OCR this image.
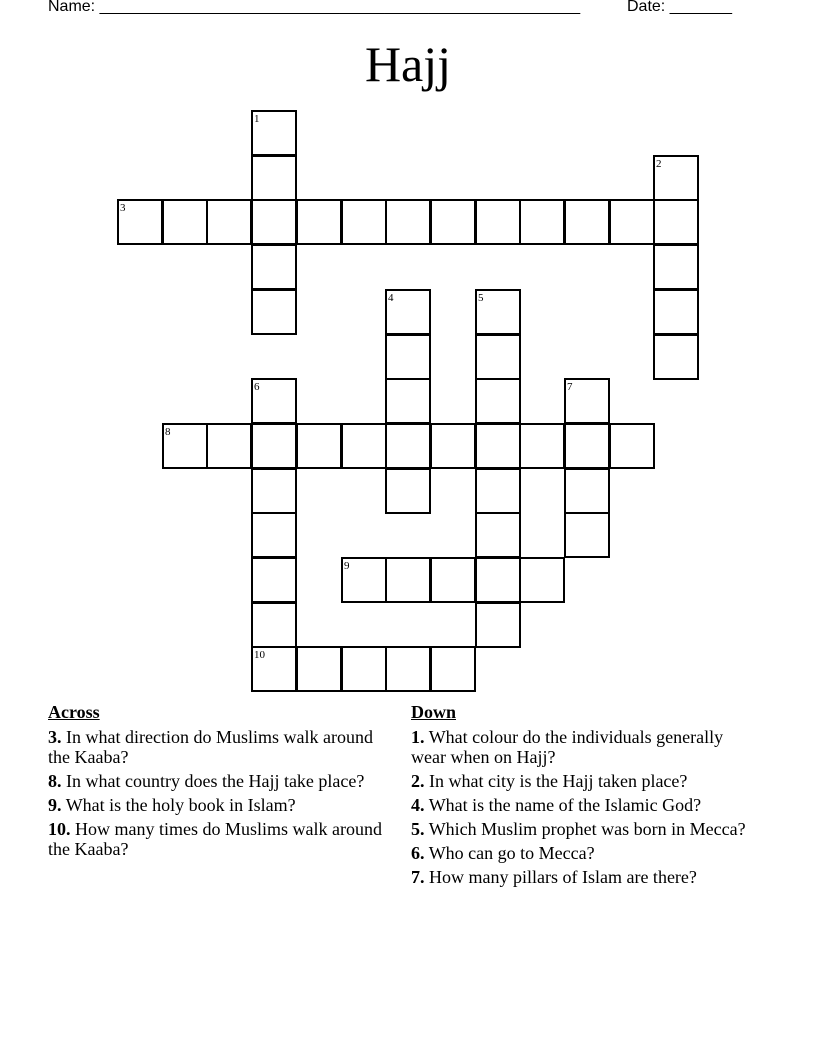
Name: ______________________________________________________	Date: _______
Hajj
1
2
3
4	5
6	7
8
9
10
Across
3. In what direction do Muslims walk around the Kaaba?
8. In what country does the Hajj take place?
9. What is the holy book in Islam?
10. How many times do Muslims walk around the Kaaba?
Down
1. What colour do the individuals generally wear when on Hajj?
2. In what city is the Hajj taken place?
4. What is the name of the Islamic God?
5. Which Muslim prophet was born in Mecca?
6. Who can go to Mecca?
7. How many pillars of Islam are there?
